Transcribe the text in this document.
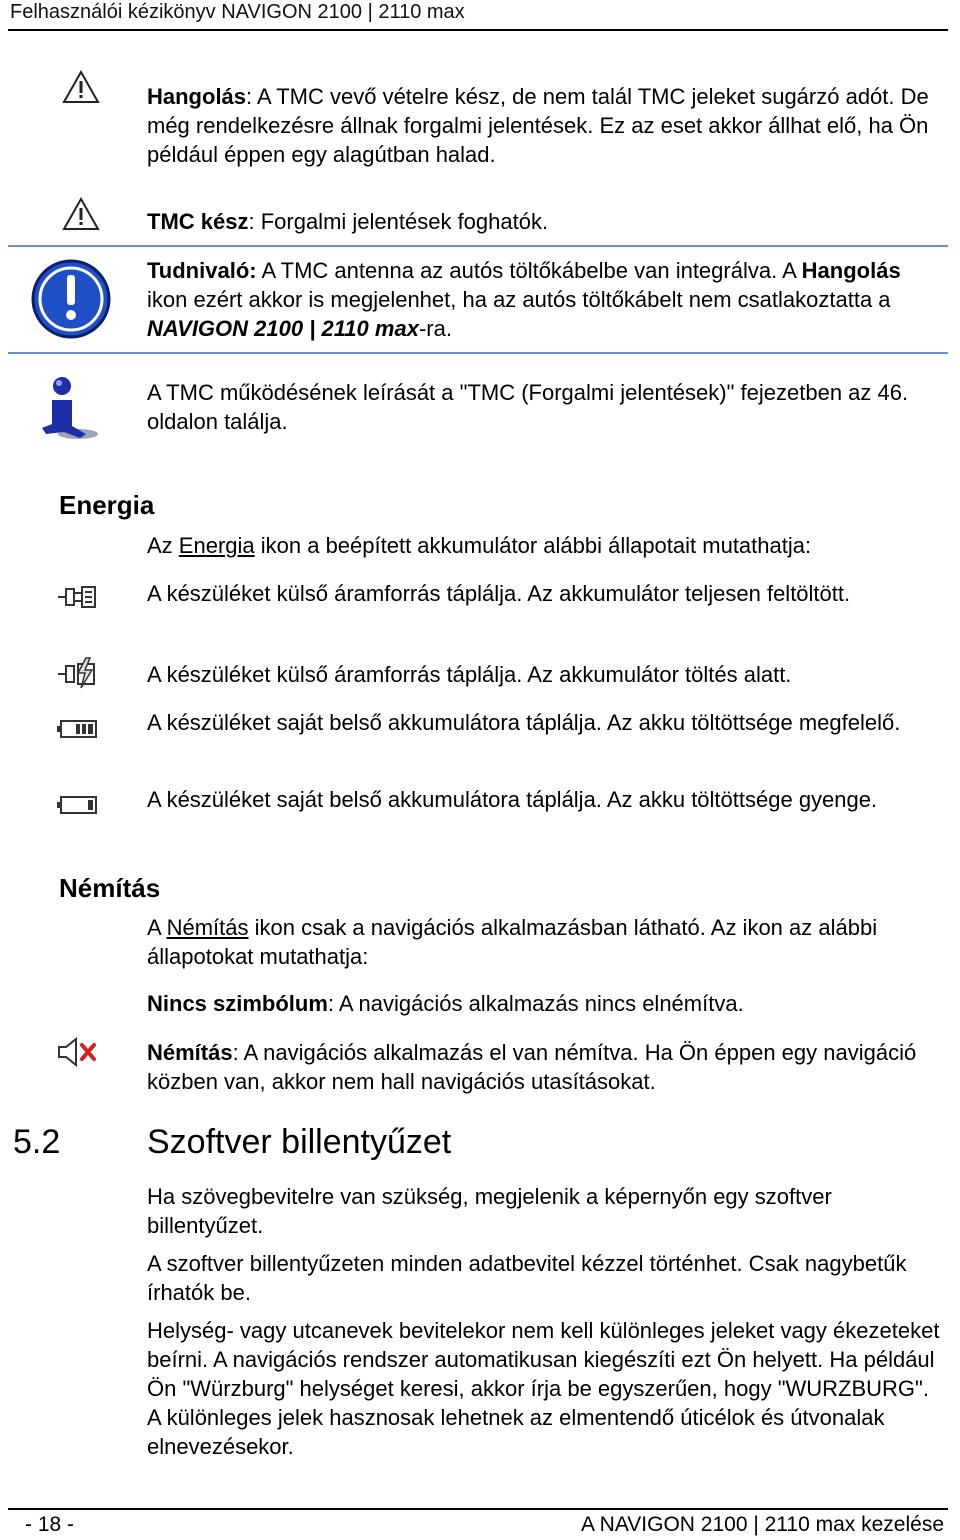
Felhasználói kézikönyv NAVIGON 2100 | 2110 max
Hangolás: A TMC vevő vételre kész, de nem talál TMC jeleket sugárzó adót. De még rendelkezésre állnak forgalmi jelentések. Ez az eset akkor állhat elő, ha Ön például éppen egy alagútban halad.
TMC kész: Forgalmi jelentések foghatók.
Tudnivaló: A TMC antenna az autós töltőkábelbe van integrálva. A Hangolás ikon ezért akkor is megjelenhet, ha az autós töltőkábelt nem csatlakoztatta a NAVIGON 2100 | 2110 max-ra.
A TMC működésének leírását a "TMC (Forgalmi jelentések)" fejezetben az 46. oldalon találja.
Energia
Az Energia ikon a beépített akkumulátor alábbi állapotait mutathatja:
A készüléket külső áramforrás táplálja. Az akkumulátor teljesen feltöltött.
A készüléket külső áramforrás táplálja. Az akkumulátor töltés alatt.
A készüléket saját belső akkumulátora táplálja. Az akku töltöttsége megfelelő.
A készüléket saját belső akkumulátora táplálja. Az akku töltöttsége gyenge.
Némítás
A Némítás ikon csak a navigációs alkalmazásban látható. Az ikon az alábbi állapotokat mutathatja:
Nincs szimbólum: A navigációs alkalmazás nincs elnémítva.
Némítás: A navigációs alkalmazás el van némítva. Ha Ön éppen egy navigáció közben van, akkor nem hall navigációs utasításokat.
5.2	Szoftver billentyűzet
Ha szövegbevitelre van szükség, megjelenik a képernyőn egy szoftver billentyűzet.
A szoftver billentyűzeten minden adatbevitel kézzel történhet. Csak nagybetűk írhatók be.
Helység- vagy utcanevek bevitelekor nem kell különleges jeleket vagy ékezeteket beírni. A navigációs rendszer automatikusan kiegészíti ezt Ön helyett. Ha például Ön "Würzburg" helységet keresi, akkor írja be egyszerűen, hogy "WURZBURG". A különleges jelek hasznosak lehetnek az elmentendő úticélok és útvonalak elnevezésekor.
- 18 -	A NAVIGON 2100 | 2110 max kezelése
